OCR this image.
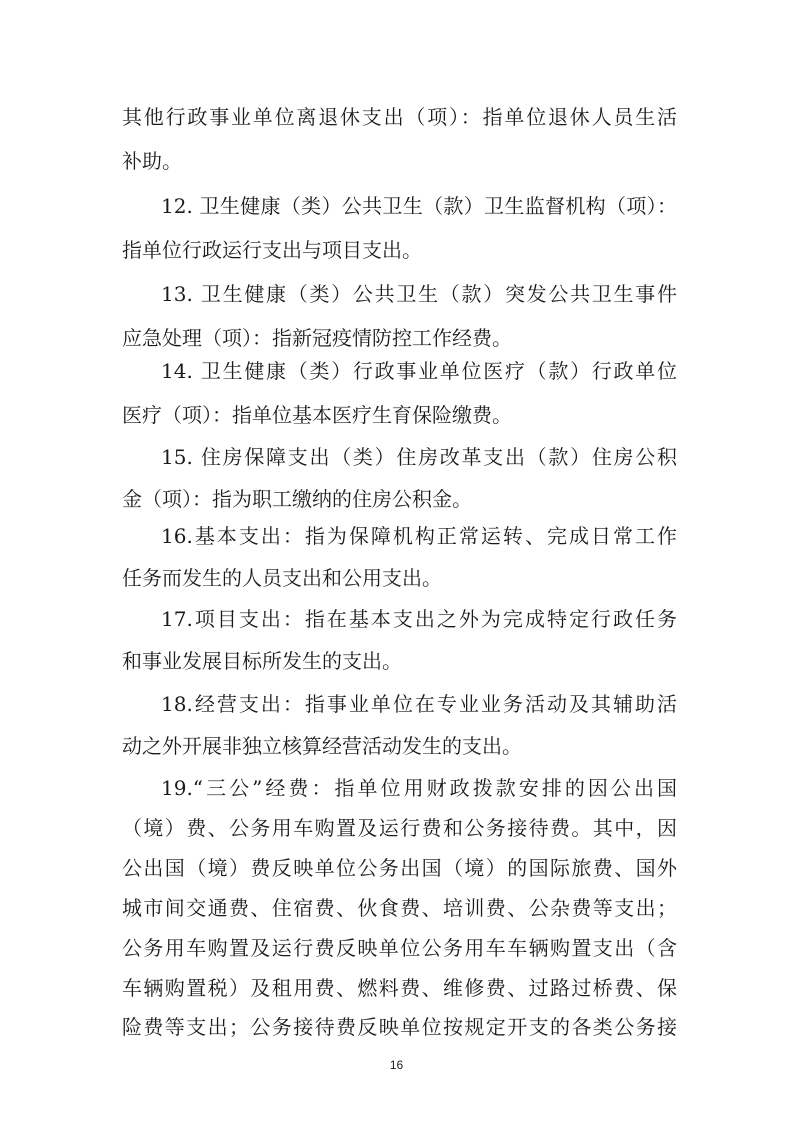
其他行政事业单位离退休支出（项）：指单位退休人员生活
补助。
12. 卫生健康（类）公共卫生（款）卫生监督机构（项）：
指单位行政运行支出与项目支出。
13. 卫生健康（类）公共卫生（款）突发公共卫生事件
应急处理（项）：指新冠疫情防控工作经费。
14. 卫生健康（类）行政事业单位医疗（款）行政单位
医疗（项）：指单位基本医疗生育保险缴费。
15. 住房保障支出（类）住房改革支出（款）住房公积
金（项）：指为职工缴纳的住房公积金。
16.基本支出：指为保障机构正常运转、完成日常工作
任务而发生的人员支出和公用支出。
17.项目支出：指在基本支出之外为完成特定行政任务
和事业发展目标所发生的支出。
18.经营支出：指事业单位在专业业务活动及其辅助活
动之外开展非独立核算经营活动发生的支出。
19.“三公”经费：指单位用财政拨款安排的因公出国
（境）费、公务用车购置及运行费和公务接待费。其中，因
公出国（境）费反映单位公务出国（境）的国际旅费、国外
城市间交通费、住宿费、伙食费、培训费、公杂费等支出；
公务用车购置及运行费反映单位公务用车车辆购置支出（含
车辆购置税）及租用费、燃料费、维修费、过路过桥费、保
险费等支出；公务接待费反映单位按规定开支的各类公务接
16
